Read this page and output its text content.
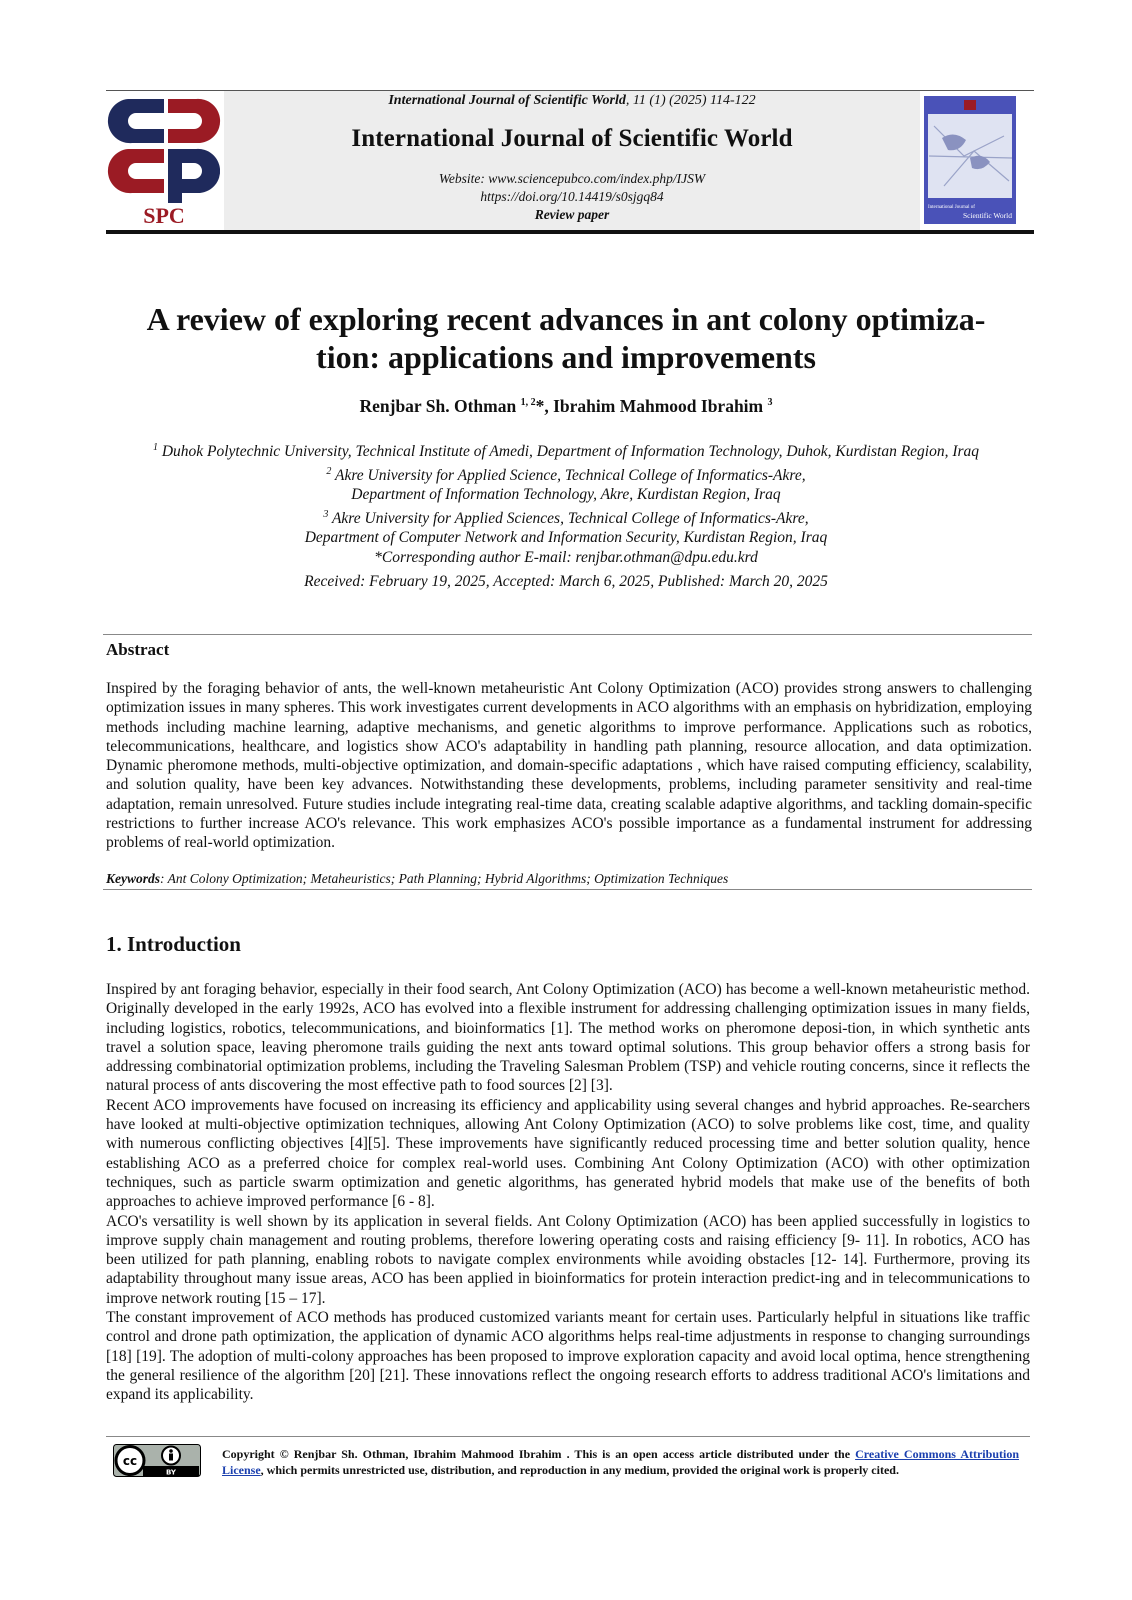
SPC
International Journal of Scientific World, 11 (1) (2025) 114-122
International Journal of Scientific World
Website: www.sciencepubco.com/index.php/IJSW
https://doi.org/10.14419/s0sjgq84
Review paper	International Journal of
Scientific World
A review of exploring recent advances in ant colony optimiza-
tion: applications and improvements
Renjbar Sh. Othman $^{1, 2}$*, Ibrahim Mahmood Ibrahim $^3$
$^1$ Duhok Polytechnic University, Technical Institute of Amedi, Department of Information Technology, Duhok, Kurdistan Region, Iraq
$^2$ Akre University for Applied Science, Technical College of Informatics-Akre,
Department of Information Technology, Akre, Kurdistan Region, Iraq
$^3$ Akre University for Applied Sciences, Technical College of Informatics-Akre,
Department of Computer Network and Information Security, Kurdistan Region, Iraq
*Corresponding author E-mail: renjbar.othman@dpu.edu.krd
Received: February 19, 2025, Accepted: March 6, 2025, Published: March 20, 2025
Abstract
Inspired by the foraging behavior of ants, the well-known metaheuristic Ant Colony Optimization (ACO) provides strong answers to challenging optimization issues in many spheres. This work investigates current developments in ACO algorithms with an emphasis on hybridization, employing methods including machine learning, adaptive mechanisms, and genetic algorithms to improve performance. Applications such as robotics, telecommunications, healthcare, and logistics show ACO's adaptability in handling path planning, resource allocation, and data optimization. Dynamic pheromone methods, multi-objective optimization, and domain-specific adaptations , which have raised computing efficiency, scalability, and solution quality, have been key advances. Notwithstanding these developments, problems, including parameter sensitivity and real-time adaptation, remain unresolved. Future studies include integrating real-time data, creating scalable adaptive algorithms, and tackling domain-specific restrictions to further increase ACO's relevance. This work emphasizes ACO's possible importance as a fundamental instrument for addressing problems of real-world optimization.
Keywords: Ant Colony Optimization; Metaheuristics; Path Planning; Hybrid Algorithms; Optimization Techniques
1. Introduction

Inspired by ant foraging behavior, especially in their food search, Ant Colony Optimization (ACO) has become a well-known metaheuristic method. Originally developed in the early 1992s, ACO has evolved into a flexible instrument for addressing challenging optimization issues in many fields, including logistics, robotics, telecommunications, and bioinformatics [1]. The method works on pheromone deposi-tion, in which synthetic ants travel a solution space, leaving pheromone trails guiding the next ants toward optimal solutions. This group behavior offers a strong basis for addressing combinatorial optimization problems, including the Traveling Salesman Problem (TSP) and vehicle routing concerns, since it reflects the natural process of ants discovering the most effective path to food sources [2] [3].

Recent ACO improvements have focused on increasing its efficiency and applicability using several changes and hybrid approaches. Re-searchers have looked at multi-objective optimization techniques, allowing Ant Colony Optimization (ACO) to solve problems like cost, time, and quality with numerous conflicting objectives [4][5]. These improvements have significantly reduced processing time and better solution quality, hence establishing ACO as a preferred choice for complex real-world uses. Combining Ant Colony Optimization (ACO) with other optimization techniques, such as particle swarm optimization and genetic algorithms, has generated hybrid models that make use of the benefits of both approaches to achieve improved performance [6 - 8].

ACO's versatility is well shown by its application in several fields. Ant Colony Optimization (ACO) has been applied successfully in logistics to improve supply chain management and routing problems, therefore lowering operating costs and raising efficiency [9- 11]. In robotics, ACO has been utilized for path planning, enabling robots to navigate complex environments while avoiding obstacles [12- 14]. Furthermore, proving its adaptability throughout many issue areas, ACO has been applied in bioinformatics for protein interaction predict-ing and in telecommunications to improve network routing [15 – 17].

The constant improvement of ACO methods has produced customized variants meant for certain uses. Particularly helpful in situations like traffic control and drone path optimization, the application of dynamic ACO algorithms helps real-time adjustments in response to changing surroundings [18] [19]. The adoption of multi-colony approaches has been proposed to improve exploration capacity and avoid local optima, hence strengthening the general resilience of the algorithm [20] [21]. These innovations reflect the ongoing research efforts to address traditional ACO's limitations and expand its applicability.

cc
BY
Copyright © Renjbar Sh. Othman, Ibrahim Mahmood Ibrahim . This is an open access article distributed under the Creative Commons Attribution License, which permits unrestricted use, distribution, and reproduction in any medium, provided the original work is properly cited.
